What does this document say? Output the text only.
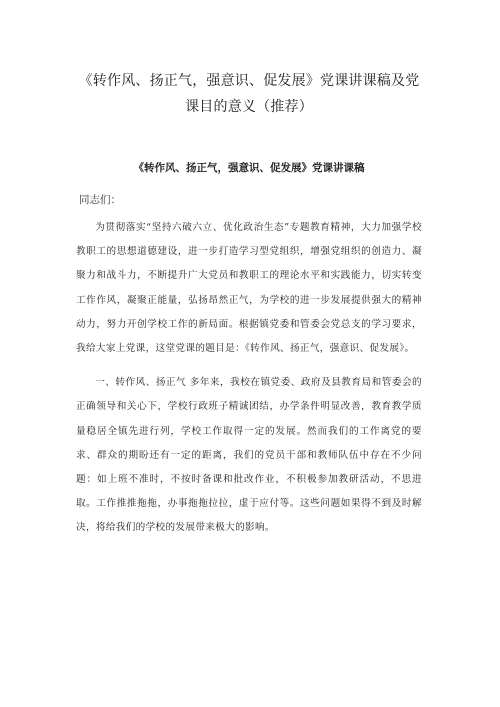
《转作风、扬正气，强意识、促发展》党课讲课稿及党课目的意义（推荐）
《转作风、扬正气，强意识、促发展》党课讲课稿
同志们：

为贯彻落实“坚持六破六立、优化政治生态”专题教育精神，大力加强学校教职工的思想道德建设，进一步打造学习型党组织，增强党组织的创造力、凝聚力和战斗力，不断提升广大党员和教职工的理论水平和实践能力，切实转变工作作风，凝聚正能量，弘扬昂然正气，为学校的进一步发展提供强大的精神动力，努力开创学校工作的新局面。根据镇党委和管委会党总支的学习要求，我给大家上党课，这堂党课的题目是：《转作风、扬正气，强意识、促发展》。

一、转作风、扬正气 多年来，我校在镇党委、政府及县教育局和管委会的正确领导和关心下，学校行政班子精诚团结，办学条件明显改善，教育教学质量稳居全镇先进行列，学校工作取得一定的发展。然而我们的工作离党的要求、群众的期盼还有一定的距离，我们的党员干部和教师队伍中存在不少问题：如上班不准时，不按时备课和批改作业，不积极参加教研活动，不思进取。工作推推拖拖，办事拖拖拉拉，虚于应付等。这些问题如果得不到及时解决，将给我们的学校的发展带来极大的影响。
